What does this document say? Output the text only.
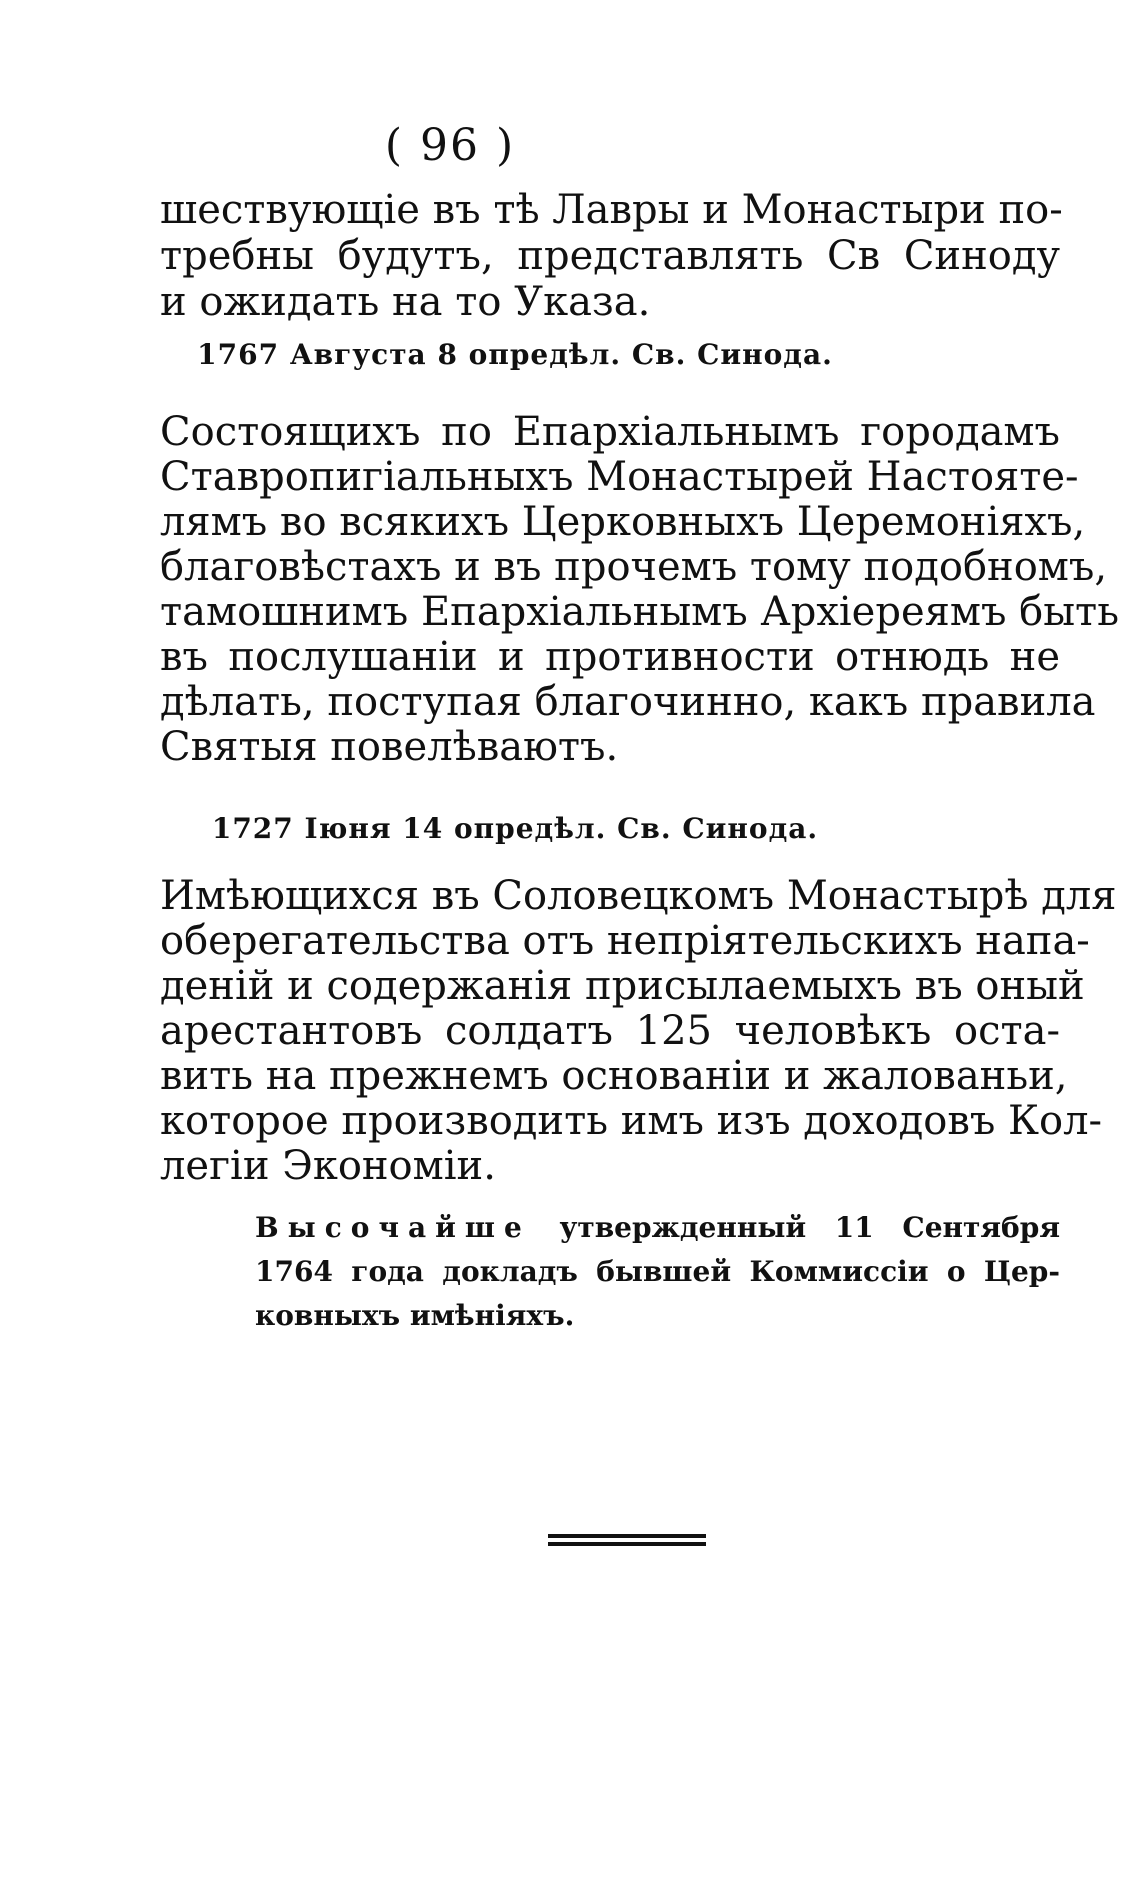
( 96 )
шествующіе въ тѣ Лавры и Монастыри по-
требны будутъ, представлять Св Синоду
и ожидать на то Указа.
1767 Августа 8 опредѣл. Св. Синода.
Состоящихъ по Епархіальнымъ городамъ
Ставропигіальныхъ Монастырей Настояте-
лямъ во всякихъ Церковныхъ Церемоніяхъ,
благовѣстахъ и въ прочемъ тому подобномъ,
тамошнимъ Епархіальнымъ Архіереямъ быть
въ послушаніи и противности отнюдь не
дѣлать, поступая благочинно, какъ правила
Святыя повелѣваютъ.
1727 Іюня 14 опредѣл. Св. Синода.
Имѣющихся въ Соловецкомъ Монастырѣ для
оберегательства отъ непріятельскихъ напа-
деній и содержанія присылаемыхъ въ оный
арестантовъ солдатъ 125 человѣкъ оста-
вить на прежнемъ основаніи и жалованьи,
которое производить имъ изъ доходовъ Кол-
легіи Экономіи.
Высочайше утвержденный 11 Сентября
1764 года докладъ бывшей Коммиссіи о Цер-
ковныхъ имѣніяхъ.
